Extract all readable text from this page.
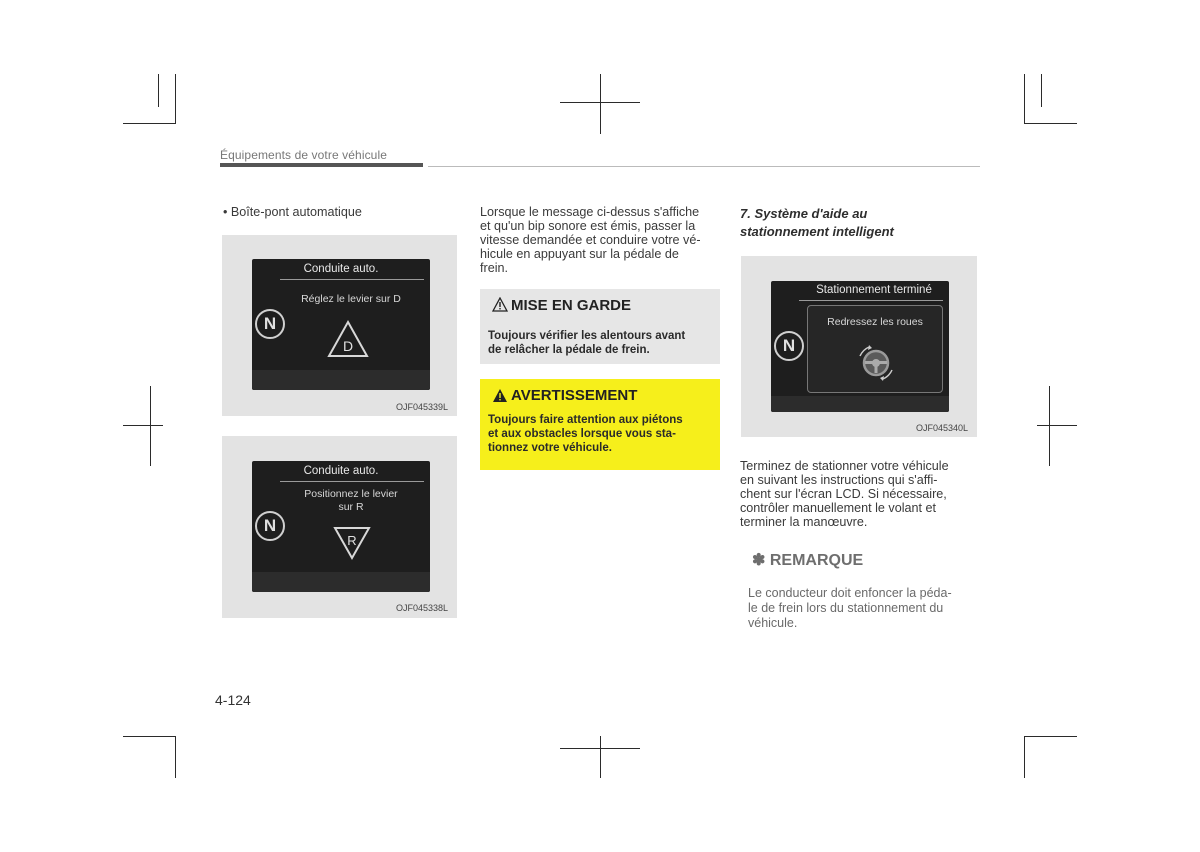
Équipements de votre véhicule
• Boîte-pont automatique
Conduite auto.
Réglez le levier sur D
N
D
OJF045339L
Conduite auto.
Positionnez le levier
sur R
N
R
OJF045338L
Lorsque le message ci-dessus s'affiche
et qu'un bip sonore est émis, passer la
vitesse demandée et conduire votre vé-
hicule en appuyant sur la pédale de
frein.
MISE EN GARDE
Toujours vérifier les alentours avant
de relâcher la pédale de frein.
AVERTISSEMENT
Toujours faire attention aux piétons
et aux obstacles lorsque vous sta-
tionnez votre véhicule.
7. Système d'aide au
stationnement intelligent
Stationnement terminé
Redressez les roues
N
OJF045340L
Terminez de stationner votre véhicule
en suivant les instructions qui s'affi-
chent sur l'écran LCD. Si nécessaire,
contrôler manuellement le volant et
terminer la manœuvre.
✽ REMARQUE
Le conducteur doit enfoncer la péda-
le de frein lors du stationnement du
véhicule.
4-124
